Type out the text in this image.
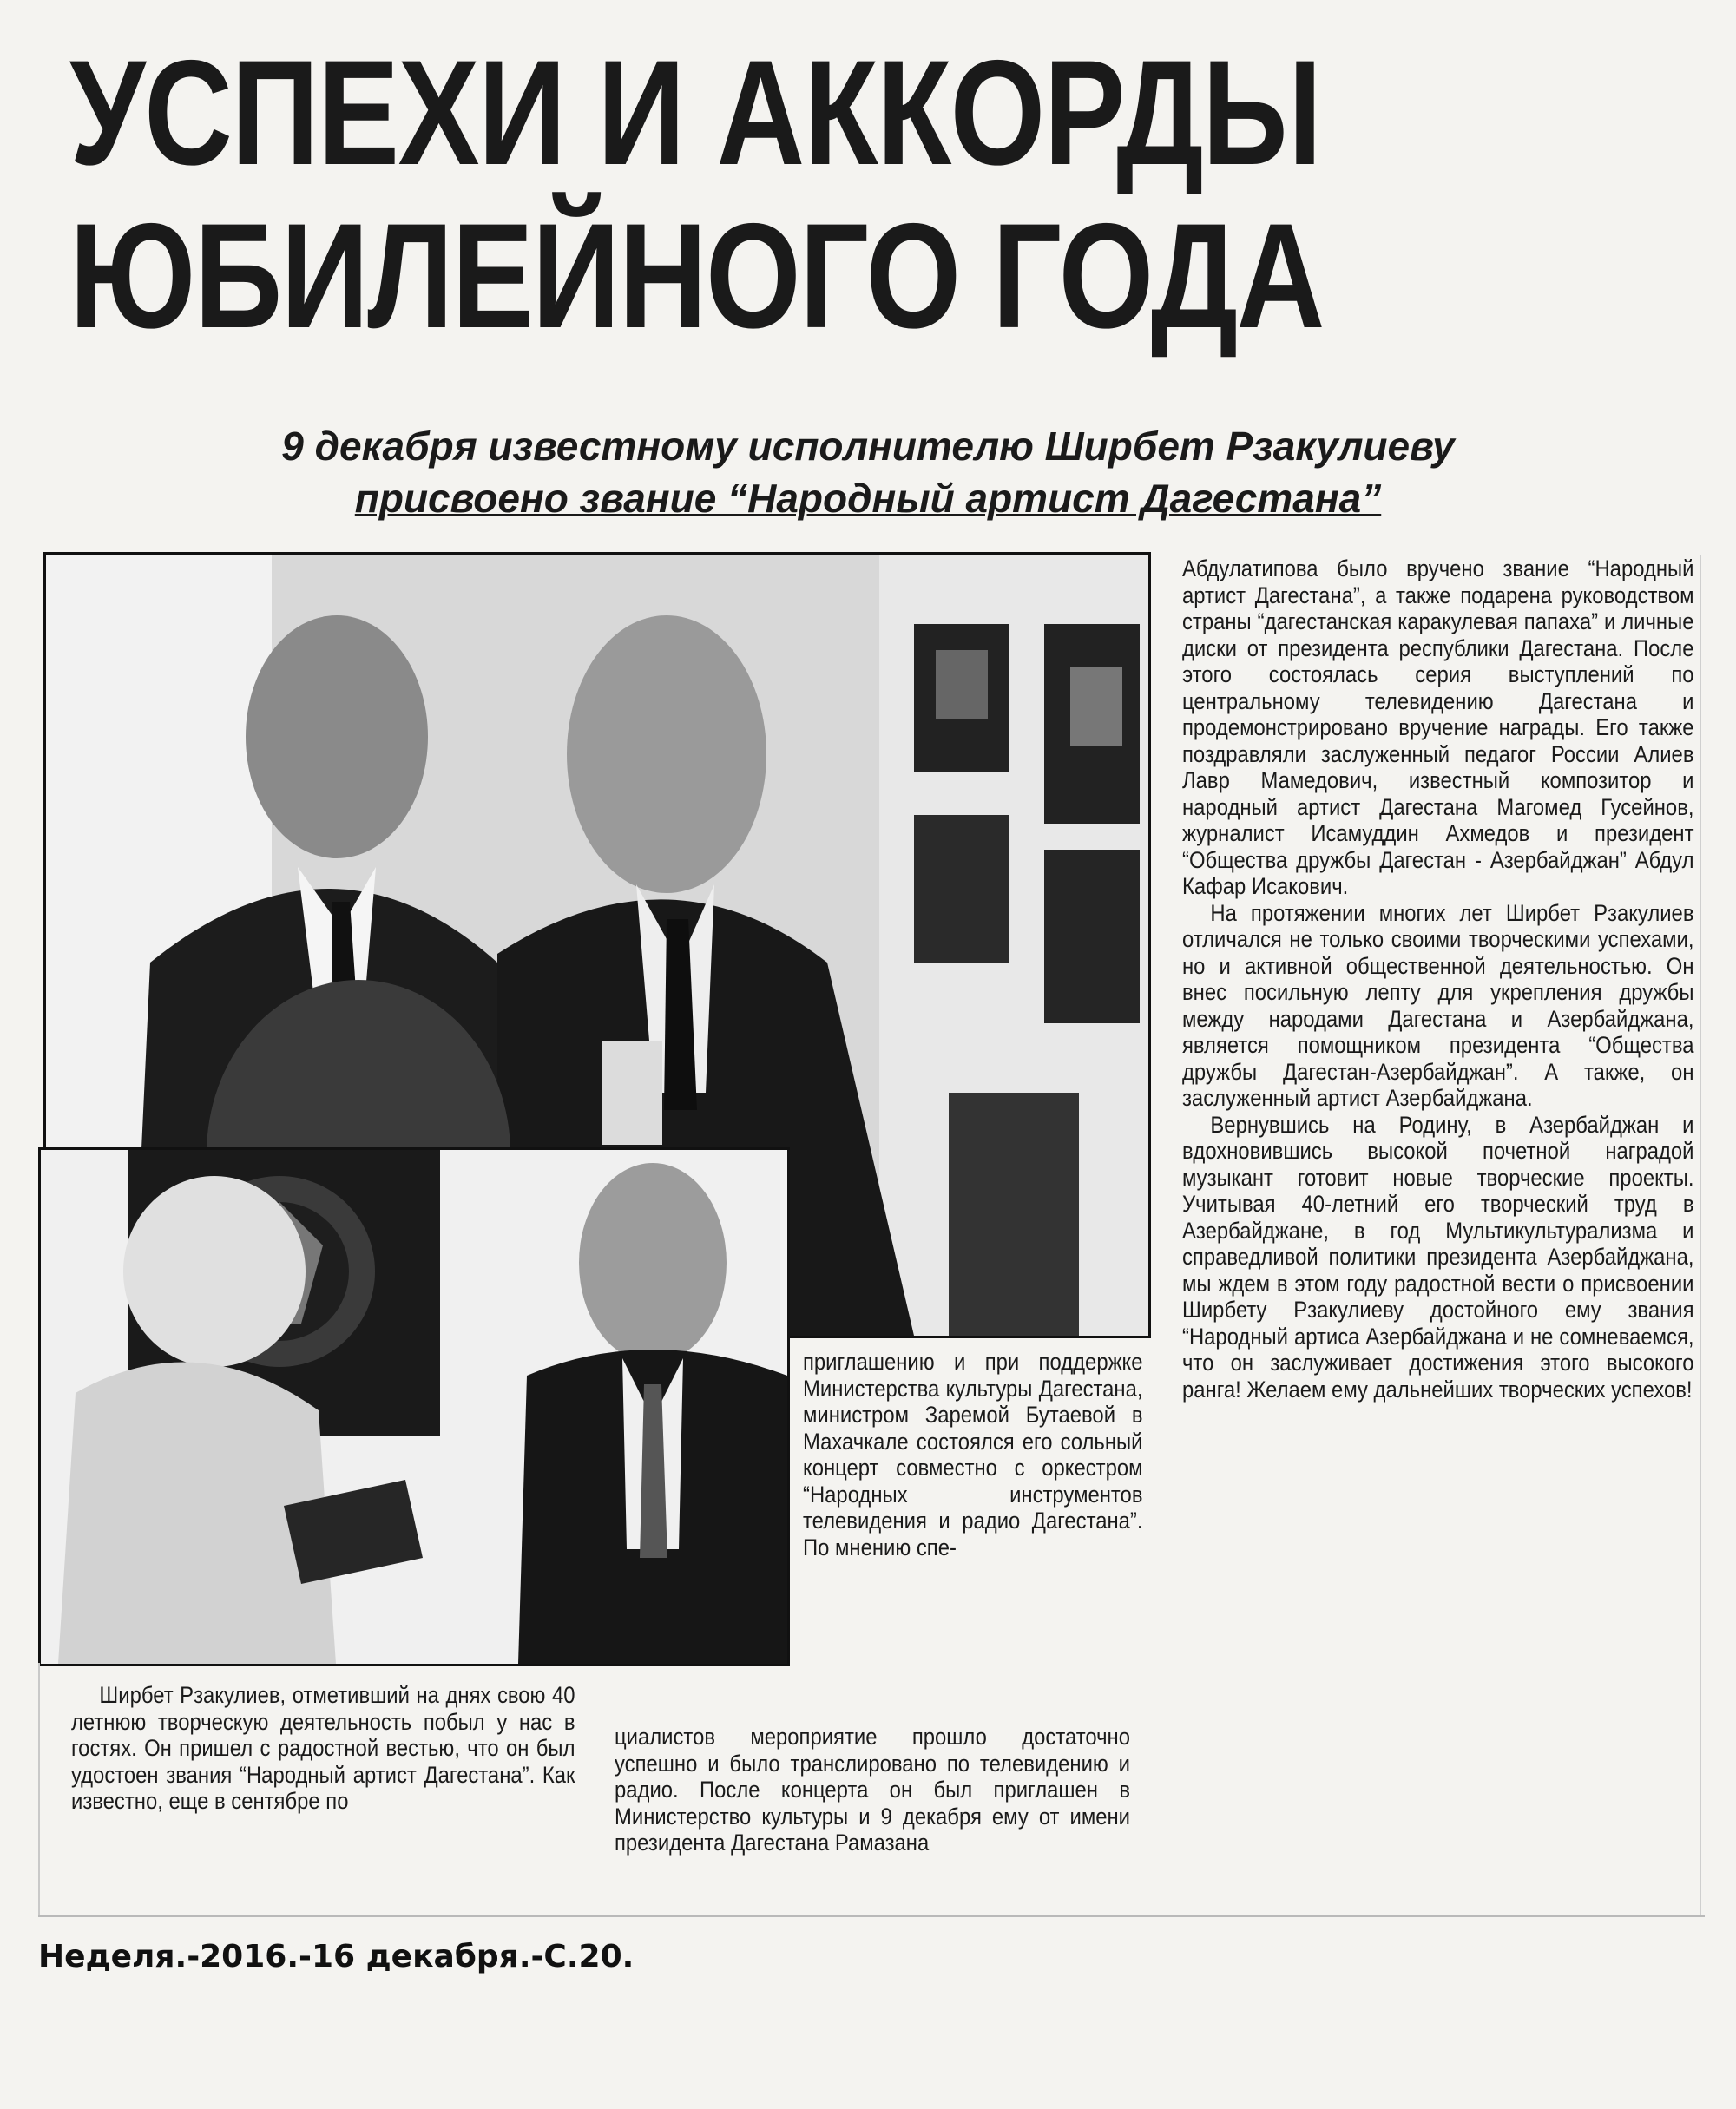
УСПЕХИ И АККОРДЫ
ЮБИЛЕЙНОГО ГОДА
9 декабря известному исполнителю Ширбет Рзакулиеву
присвоено звание “Народный артист Дагестана”

Абдулатипова было вручено звание “Народный артист Дагестана”, а также подарена руководством страны “дагестанская каракулевая папаха” и личные диски от президента республики Дагестана. После этого состоялась серия выступлений по центральному телевидению Дагестана и продемонстрировано вручение награды. Его также поздравляли заслуженный педагог России Алиев Лавр Мамедович, известный композитор и народный артист Дагестана Магомед Гусейнов, журналист Исамуддин Ахмедов и президент “Общества дружбы Дагестан - Азербайджан” Абдул Кафар Исакович.

На протяжении многих лет Ширбет Рзакулиев отличался не только своими творческими успехами, но и активной общественной деятельностью. Он внес посильную лепту для укрепления дружбы между народами Дагестана и Азербайджана, является помощником президента “Общества дружбы Дагестан-Азербайджан”. А также, он заслуженный артист Азербайджана.

Вернувшись на Родину, в Азербайджан и вдохновившись высокой почетной наградой музыкант готовит новые творческие проекты. Учитывая 40-летний его творческий труд в Азербайджане, в год Мультикультурализма и справедливой политики президента Азербайджана, мы ждем в этом году радостной вести о присвоении Ширбету Рзакулиеву достойного ему звания “Народный артиса Азербайджана и не сомневаемся, что он заслуживает достижения этого высокого ранга! Желаем ему дальнейших творческих успехов!

приглашению и при поддержке Министерства культуры Дагестана, министром Заремой Бутаевой в Махачкале состоялся его сольный концерт совместно с оркестром “Народных инструментов телевидения и радио Дагестана”. По мнению спе-

Ширбет Рзакулиев, отметивший на днях свою 40 летнюю творческую деятельность побыл у нас в гостях. Он пришел с радостной вестью, что он был удостоен звания “Народный артист Дагестана”. Как известно, еще в сентябре по

циалистов мероприятие прошло достаточно успешно и было транслировано по телевидению и радио. После концерта он был приглашен в Министерство культуры и 9 декабря ему от имени президента Дагестана Рамазана

Неделя.-2016.-16 декабря.-С.20.
